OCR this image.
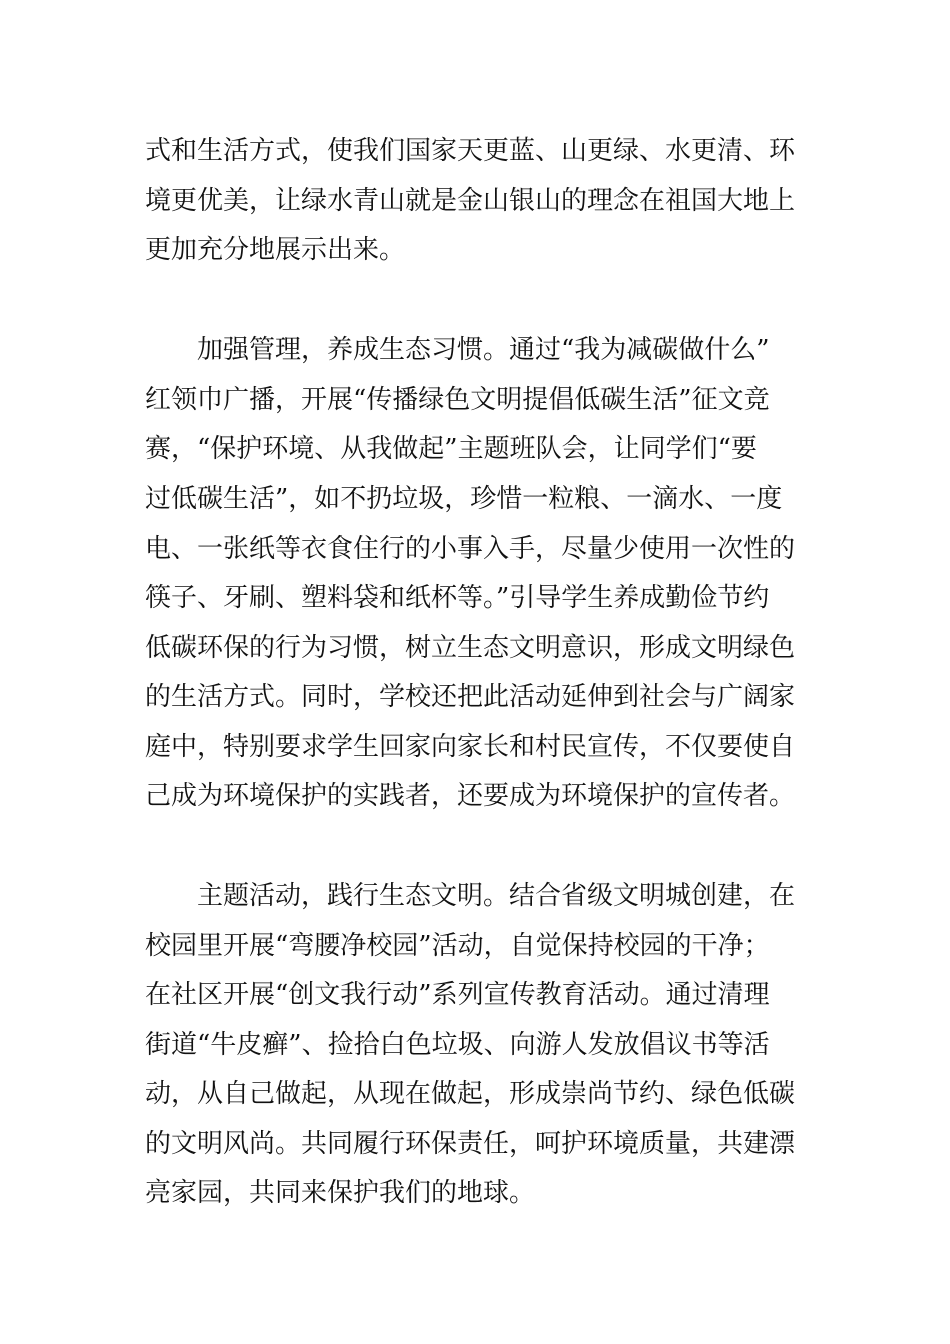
式和生活方式，使我们国家天更蓝、山更绿、水更清、环
境更优美，让绿水青山就是金山银山的理念在祖国大地上
更加充分地展示出来。
加强管理，养成生态习惯。通过“我为减碳做什么”
红领巾广播，开展“传播绿色文明提倡低碳生活”征文竞
赛，“保护环境、从我做起”主题班队会，让同学们“要
过低碳生活”，如不扔垃圾，珍惜一粒粮、一滴水、一度
电、一张纸等衣食住行的小事入手，尽量少使用一次性的
筷子、牙刷、塑料袋和纸杯等。”引导学生养成勤俭节约
低碳环保的行为习惯，树立生态文明意识，形成文明绿色
的生活方式。同时，学校还把此活动延伸到社会与广阔家
庭中，特别要求学生回家向家长和村民宣传，不仅要使自
己成为环境保护的实践者，还要成为环境保护的宣传者。
主题活动，践行生态文明。结合省级文明城创建，在
校园里开展“弯腰净校园”活动，自觉保持校园的干净；
在社区开展“创文我行动”系列宣传教育活动。通过清理
街道“牛皮癣”、捡拾白色垃圾、向游人发放倡议书等活
动，从自己做起，从现在做起，形成崇尚节约、绿色低碳
的文明风尚。共同履行环保责任，呵护环境质量，共建漂
亮家园，共同来保护我们的地球。
